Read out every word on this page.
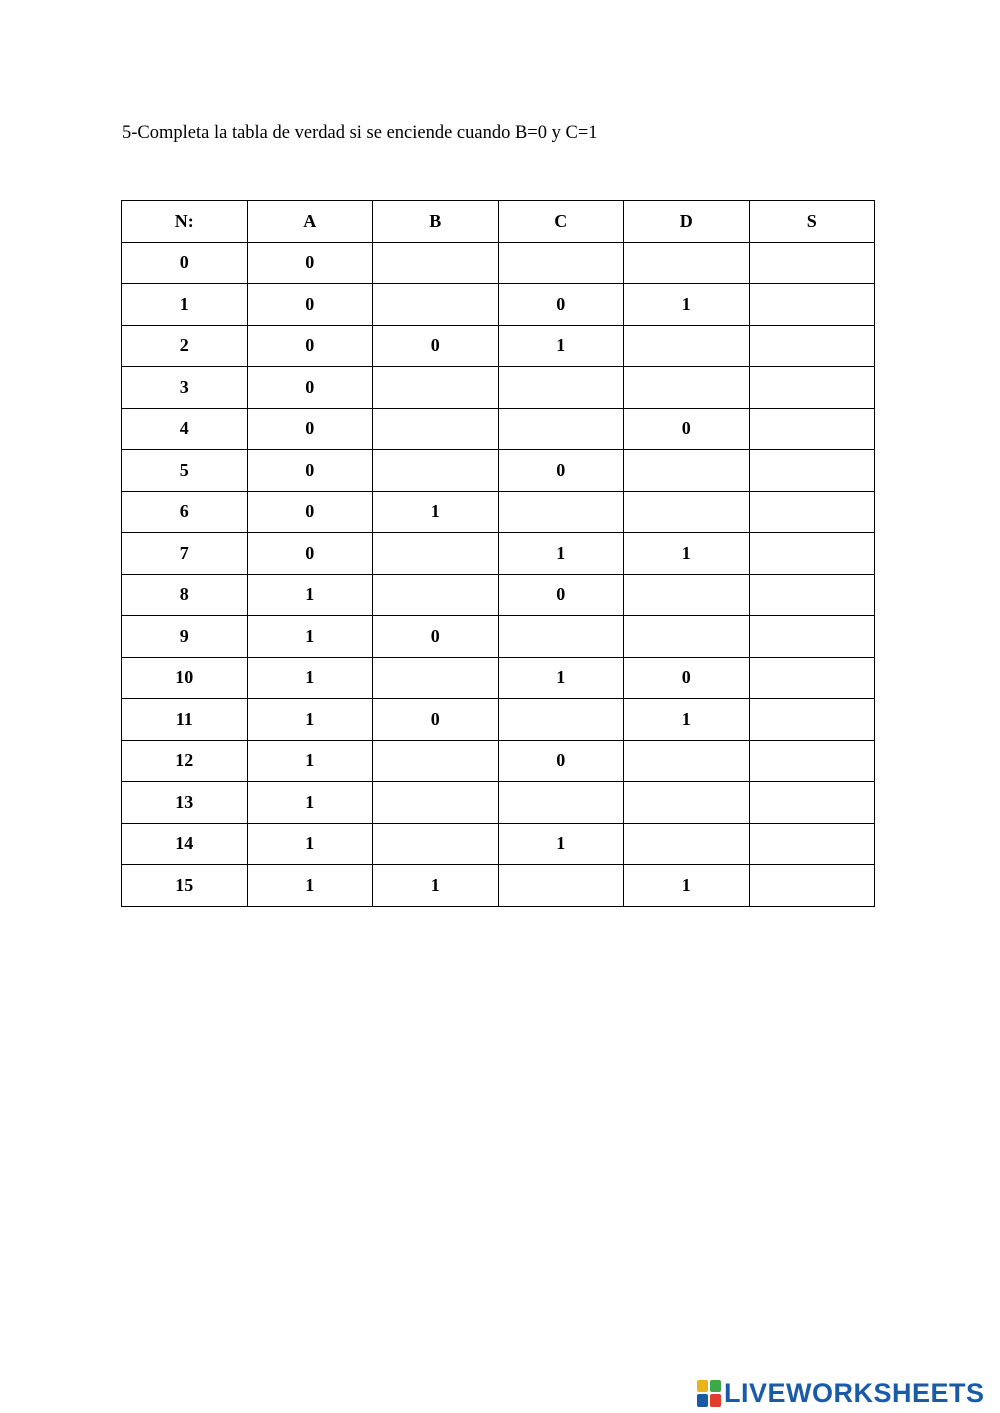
5-Completa la tabla de verdad si se enciende cuando B=0 y C=1
N:	A	B	C	D	S
0	0				
1	0		0	1	
2	0	0	1		
3	0				
4	0			0	
5	0		0		
6	0	1			
7	0		1	1	
8	1		0		
9	1	0			
10	1		1	0	
11	1	0		1	
12	1		0		
13	1				
14	1		1		
15	1	1		1	
LIVEWORKSHEETS
